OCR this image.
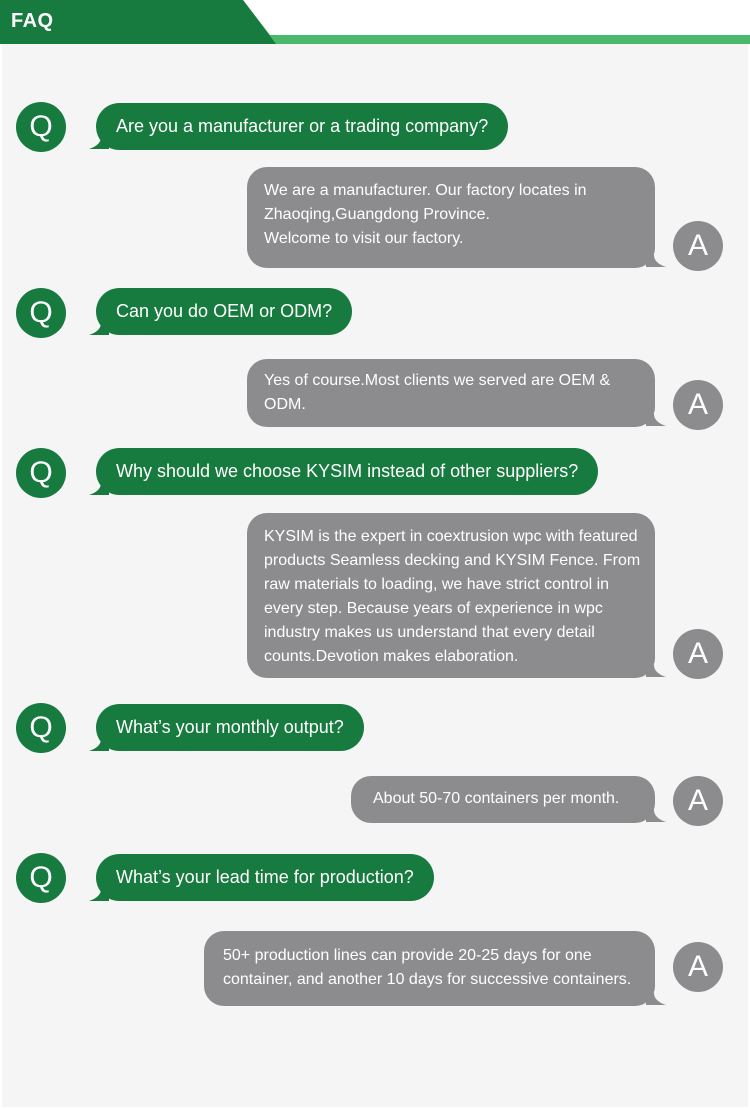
FAQ
Q	Are you a manufacturer or a trading company?
We are a manufacturer. Our factory locates in
Zhaoqing,Guangdong Province.
Welcome to visit our factory.	A
Q	Can you do OEM or ODM?
Yes of course.Most clients we served are OEM &
ODM.	A
Q	Why should we choose KYSIM instead of other suppliers?
KYSIM is the expert in coextrusion wpc with featured
products Seamless decking and KYSIM Fence. From
raw materials to loading, we have strict control in
every step. Because years of experience in wpc
industry makes us understand that every detail
counts.Devotion makes elaboration.	A
Q	What’s your monthly output?
About 50-70 containers per month.	A
Q	What’s your lead time for production?
50+ production lines can provide 20-25 days for one
container, and another 10 days for successive containers.	A
